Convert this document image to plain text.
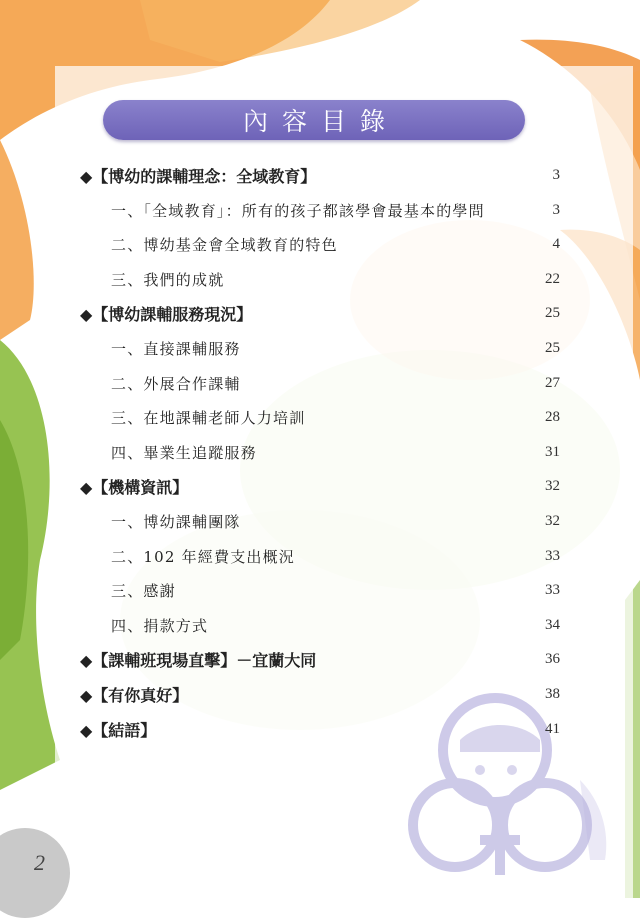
內容目錄
◆【博幼的課輔理念：全域教育】	3
一、「全域教育」：所有的孩子都該學會最基本的學問	3
二、博幼基金會全域教育的特色	4
三、我們的成就	22
◆【博幼課輔服務現況】	25
一、直接課輔服務	25
二、外展合作課輔	27
三、在地課輔老師人力培訓	28
四、畢業生追蹤服務	31
◆【機構資訊】	32
一、博幼課輔團隊	32
二、102 年經費支出概況	33
三、感謝	33
四、捐款方式	34
◆【課輔班現場直擊】－宜蘭大同	36
◆【有你真好】	38
◆【結語】	41
2
